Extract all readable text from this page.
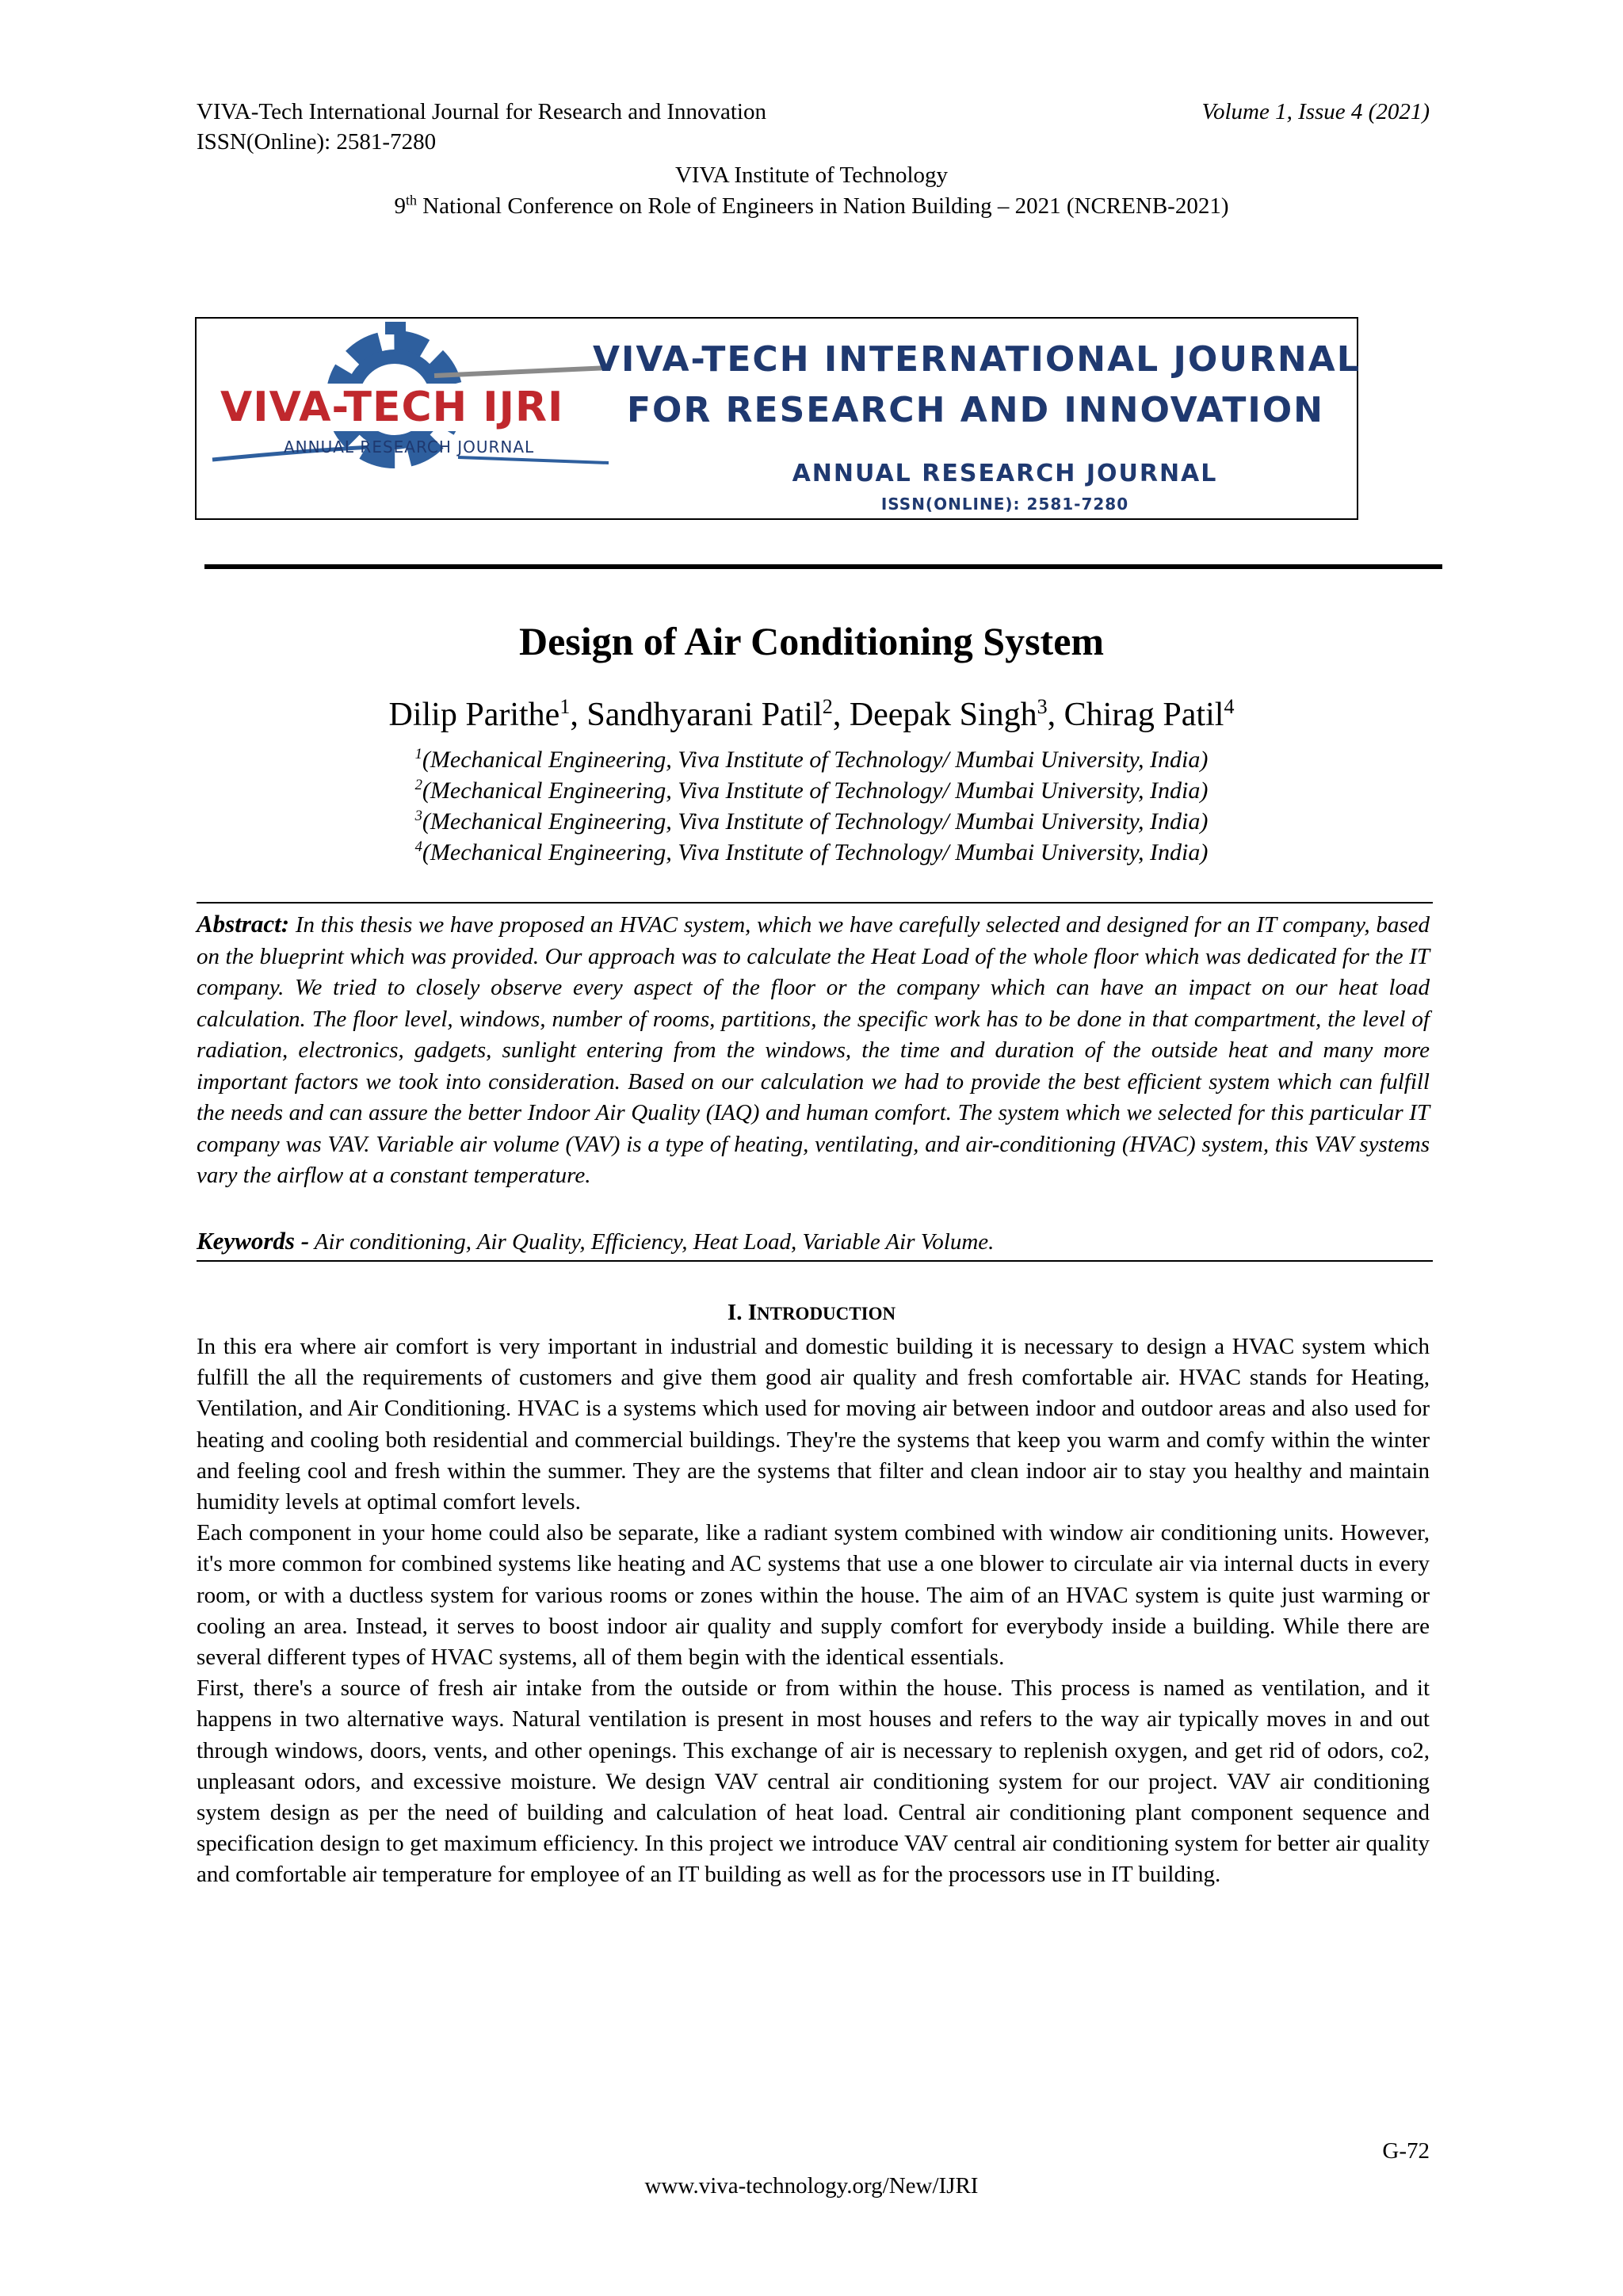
VIVA-Tech International Journal for Research and Innovation	Volume 1, Issue 4 (2021)
ISSN(Online): 2581-7280
VIVA Institute of Technology
9th National Conference on Role of Engineers in Nation Building – 2021 (NCRENB-2021)
VIVA-TECH IJRI
ANNUAL RESEARCH JOURNAL
VIVA-TECH INTERNATIONAL JOURNAL
FOR RESEARCH AND INNOVATION
ANNUAL RESEARCH JOURNAL
ISSN(ONLINE): 2581-7280
Design of Air Conditioning System
Dilip Parithe$^1$, Sandhyarani Patil$^2$, Deepak Singh$^3$, Chirag Patil$^4$
$^1$(Mechanical Engineering, Viva Institute of Technology/ Mumbai University, India)
$^2$(Mechanical Engineering, Viva Institute of Technology/ Mumbai University, India)
$^3$(Mechanical Engineering, Viva Institute of Technology/ Mumbai University, India)
$^4$(Mechanical Engineering, Viva Institute of Technology/ Mumbai University, India)
Abstract: In this thesis we have proposed an HVAC system, which we have carefully selected and designed for an IT company, based on the blueprint which was provided. Our approach was to calculate the Heat Load of the whole floor which was dedicated for the IT company. We tried to closely observe every aspect of the floor or the company which can have an impact on our heat load calculation. The floor level, windows, number of rooms, partitions, the specific work has to be done in that compartment, the level of radiation, electronics, gadgets, sunlight entering from the windows, the time and duration of the outside heat and many more important factors we took into consideration. Based on our calculation we had to provide the best efficient system which can fulfill the needs and can assure the better Indoor Air Quality (IAQ) and human comfort. The system which we selected for this particular IT company was VAV. Variable air volume (VAV) is a type of heating, ventilating, and air-conditioning (HVAC) system, this VAV systems vary the airflow at a constant temperature.
Keywords - Air conditioning, Air Quality, Efficiency, Heat Load, Variable Air Volume.
I. INTRODUCTION

In this era where air comfort is very important in industrial and domestic building it is necessary to design a HVAC system which fulfill the all the requirements of customers and give them good air quality and fresh comfortable air. HVAC stands for Heating, Ventilation, and Air Conditioning. HVAC is a systems which used for moving air between indoor and outdoor areas and also used for heating and cooling both residential and commercial buildings. They're the systems that keep you warm and comfy within the winter and feeling cool and fresh within the summer. They are the systems that filter and clean indoor air to stay you healthy and maintain humidity levels at optimal comfort levels.

Each component in your home could also be separate, like a radiant system combined with window air conditioning units. However, it's more common for combined systems like heating and AC systems that use a one blower to circulate air via internal ducts in every room, or with a ductless system for various rooms or zones within the house. The aim of an HVAC system is quite just warming or cooling an area. Instead, it serves to boost indoor air quality and supply comfort for everybody inside a building. While there are several different types of HVAC systems, all of them begin with the identical essentials.

First, there's a source of fresh air intake from the outside or from within the house. This process is named as ventilation, and it happens in two alternative ways. Natural ventilation is present in most houses and refers to the way air typically moves in and out through windows, doors, vents, and other openings. This exchange of air is necessary to replenish oxygen, and get rid of odors, co2, unpleasant odors, and excessive moisture. We design VAV central air conditioning system for our project. VAV air conditioning system design as per the need of building and calculation of heat load. Central air conditioning plant component sequence and specification design to get maximum efficiency. In this project we introduce VAV central air conditioning system for better air quality and comfortable air temperature for employee of an IT building as well as for the processors use in IT building.

G-72
www.viva-technology.org/New/IJRI
